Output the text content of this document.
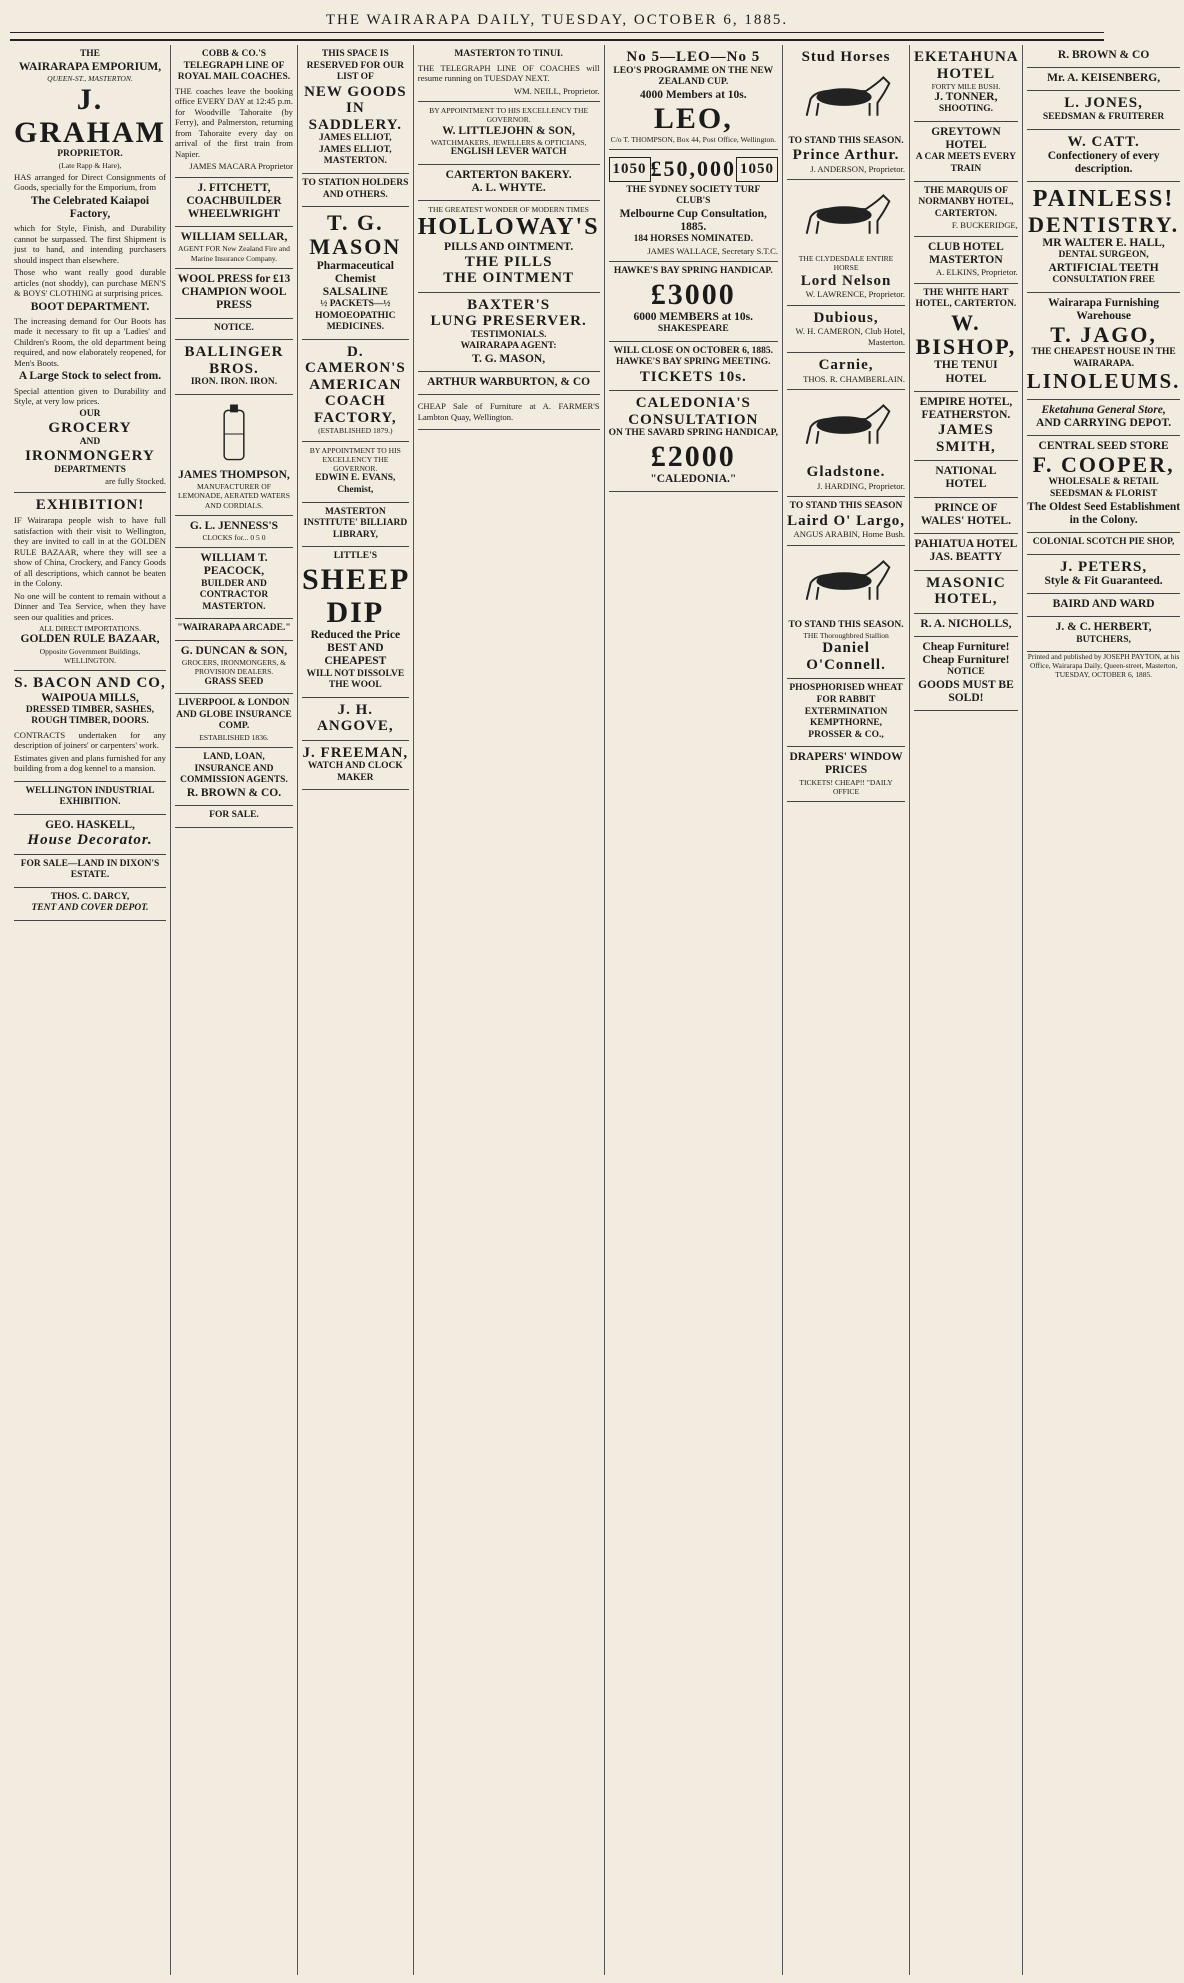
THE WAIRARAPA DAILY, TUESDAY, OCTOBER 6, 1885.
THE
WAIRARAPA EMPORIUM,
QUEEN-ST., MASTERTON.
J. GRAHAM
PROPRIETOR.
(Late Rapp & Hare),

HAS arranged for Direct Consignments of Goods, specially for the Emporium, from

The Celebrated Kaiapoi Factory,

which for Style, Finish, and Durability cannot be surpassed. The first Shipment is just to hand, and intending purchasers should inspect than elsewhere.

Those who want really good durable articles (not shoddy), can purchase MEN'S & BOYS' CLOTHING at surprising prices.

BOOT DEPARTMENT.

The increasing demand for Our Boots has made it necessary to fit up a 'Ladies' and Children's Room, the old department being required, and now elaborately reopened, for Men's Boots.

A Large Stock to select from.

Special attention given to Durability and Style, at very low prices.

OUR
GROCERY
AND
IRONMONGERY
DEPARTMENTS
are fully Stocked.
EXHIBITION!

IF Wairarapa people wish to have full satisfaction with their visit to Wellington, they are invited to call in at the GOLDEN RULE BAZAAR, where they will see a show of China, Crockery, and Fancy Goods of all descriptions, which cannot be beaten in the Colony.

No one will be content to remain without a Dinner and Tea Service, when they have seen our qualities and prices.

ALL DIRECT IMPORTATIONS.
GOLDEN RULE BAZAAR,
Opposite Government Buildings, WELLINGTON.
S. BACON AND CO,
WAIPOUA MILLS,
DRESSED TIMBER, SASHES, ROUGH TIMBER, DOORS.

CONTRACTS undertaken for any description of joiners' or carpenters' work.

Estimates given and plans furnished for any building from a dog kennel to a mansion.

WELLINGTON INDUSTRIAL EXHIBITION.
GEO. HASKELL,
House Decorator.
FOR SALE—LAND IN DIXON'S ESTATE.
THOS. C. DARCY,
TENT AND COVER DEPOT.
COBB & CO.'S TELEGRAPH LINE OF ROYAL MAIL COACHES.

THE coaches leave the booking office EVERY DAY at 12:45 p.m. for Woodville Tahoraite (by Ferry), and Palmerston, returning from Tahoraite every day on arrival of the first train from Napier.

JAMES MACARA Proprietor
J. FITCHETT, COACHBUILDER WHEELWRIGHT
WILLIAM SELLAR,
AGENT FOR New Zealand Fire and Marine Insurance Company.
WOOL PRESS for £13
CHAMPION WOOL PRESS
NOTICE.
BALLINGER BROS.
IRON. IRON. IRON.
JAMES THOMPSON,
MANUFACTURER OF LEMONADE, AERATED WATERS AND CORDIALS.
G. L. JENNESS'S
CLOCKS for... 0 5 0
WILLIAM T. PEACOCK,
BUILDER AND CONTRACTOR MASTERTON.
"WAIRARAPA ARCADE."
G. DUNCAN & SON,
GROCERS, IRONMONGERS, & PROVISION DEALERS.
GRASS SEED
LIVERPOOL & LONDON AND GLOBE INSURANCE COMP.
ESTABLISHED 1836.
LAND, LOAN, INSURANCE AND COMMISSION AGENTS.
R. BROWN & CO.
FOR SALE.
THIS SPACE IS RESERVED FOR OUR LIST OF
NEW GOODS IN SADDLERY.
JAMES ELLIOT, JAMES ELLIOT, MASTERTON.
TO STATION HOLDERS AND OTHERS.
T. G. MASON
Pharmaceutical Chemist
SALSALINE
½ PACKETS—½
HOMOEOPATHIC MEDICINES.
D. CAMERON'S AMERICAN COACH FACTORY,
(ESTABLISHED 1879.)
BY APPOINTMENT TO HIS EXCELLENCY THE GOVERNOR.
EDWIN E. EVANS, Chemist,
MASTERTON INSTITUTE' BILLIARD LIBRARY,
LITTLE'S
SHEEP DIP
Reduced the Price
BEST AND CHEAPEST
WILL NOT DISSOLVE THE WOOL
J. H. ANGOVE,
J. FREEMAN,
WATCH AND CLOCK MAKER
MASTERTON TO TINUI.

THE TELEGRAPH LINE OF COACHES will resume running on TUESDAY NEXT.

WM. NEILL, Proprietor.
BY APPOINTMENT TO HIS EXCELLENCY THE GOVERNOR.
W. LITTLEJOHN & SON,
WATCHMAKERS, JEWELLERS & OPTICIANS,
ENGLISH LEVER WATCH
CARTERTON BAKERY.
A. L. WHYTE.
THE GREATEST WONDER OF MODERN TIMES
HOLLOWAY'S
PILLS AND OINTMENT.
THE PILLS
THE OINTMENT
BAXTER'S
LUNG PRESERVER.
TESTIMONIALS.
WAIRARAPA AGENT:
T. G. MASON,
ARTHUR WARBURTON, & CO

CHEAP Sale of Furniture at A. FARMER'S Lambton Quay, Wellington.

No 5—LEO—No 5
LEO'S PROGRAMME ON THE NEW ZEALAND CUP.
4000 Members at 10s.
LEO,
C/o T. THOMPSON, Box 44, Post Office, Wellington.
1050 £50,000 1050
THE SYDNEY SOCIETY TURF CLUB'S
Melbourne Cup Consultation, 1885.
184 HORSES NOMINATED.
JAMES WALLACE, Secretary S.T.C.
HAWKE'S BAY SPRING HANDICAP.
£3000
6000 MEMBERS at 10s.
SHAKESPEARE
WILL CLOSE ON OCTOBER 6, 1885.
HAWKE'S BAY SPRING MEETING.
TICKETS 10s.
CALEDONIA'S CONSULTATION
ON THE SAVARD SPRING HANDICAP,
£2000
"CALEDONIA."
Stud Horses
TO STAND THIS SEASON.
Prince Arthur.
J. ANDERSON, Proprietor.
THE CLYDESDALE ENTIRE HORSE
Lord Nelson
W. LAWRENCE, Proprietor.
Dubious,
W. H. CAMERON, Club Hotel, Masterton.
Carnie,
THOS. R. CHAMBERLAIN.
Gladstone.
J. HARDING, Proprietor.
TO STAND THIS SEASON
Laird O' Largo,
ANGUS ARABIN, Home Bush.
TO STAND THIS SEASON.
THE Thoroughbred Stallion
Daniel O'Connell.
PHOSPHORISED WHEAT FOR RABBIT EXTERMINATION
KEMPTHORNE, PROSSER & CO.,
DRAPERS' WINDOW PRICES
TICKETS! CHEAP!! "DAILY OFFICE
EKETAHUNA HOTEL
FORTY MILE BUSH.
J. TONNER,
SHOOTING.
GREYTOWN HOTEL
A CAR MEETS EVERY TRAIN
THE MARQUIS OF NORMANBY HOTEL, CARTERTON.
F. BUCKERIDGE,
CLUB HOTEL MASTERTON
A. ELKINS, Proprietor.
THE WHITE HART HOTEL, CARTERTON.
W. BISHOP,
THE TENUI HOTEL
EMPIRE HOTEL, FEATHERSTON.
JAMES SMITH,
NATIONAL HOTEL
PRINCE OF WALES' HOTEL.
PAHIATUA HOTEL
JAS. BEATTY
MASONIC HOTEL,
R. A. NICHOLLS,
Cheap Furniture! Cheap Furniture!
NOTICE
GOODS MUST BE SOLD!
R. BROWN & CO
Mr. A. KEISENBERG,
L. JONES,
SEEDSMAN & FRUITERER
W. CATT.
Confectionery of every description.
PAINLESS!
DENTISTRY.
MR WALTER E. HALL,
DENTAL SURGEON,
ARTIFICIAL TEETH
CONSULTATION FREE
Wairarapa Furnishing Warehouse
T. JAGO,
THE CHEAPEST HOUSE IN THE WAIRARAPA.
LINOLEUMS.
Eketahuna General Store,
AND CARRYING DEPOT.
CENTRAL SEED STORE
F. COOPER,
WHOLESALE & RETAIL SEEDSMAN & FLORIST
The Oldest Seed Establishment in the Colony.
COLONIAL SCOTCH PIE SHOP,
J. PETERS,
Style & Fit Guaranteed.
BAIRD AND WARD
J. & C. HERBERT,
BUTCHERS,
Printed and published by JOSEPH PAYTON, at his Office, Wairarapa Daily, Queen-street, Masterton, TUESDAY, OCTOBER 6, 1885.
